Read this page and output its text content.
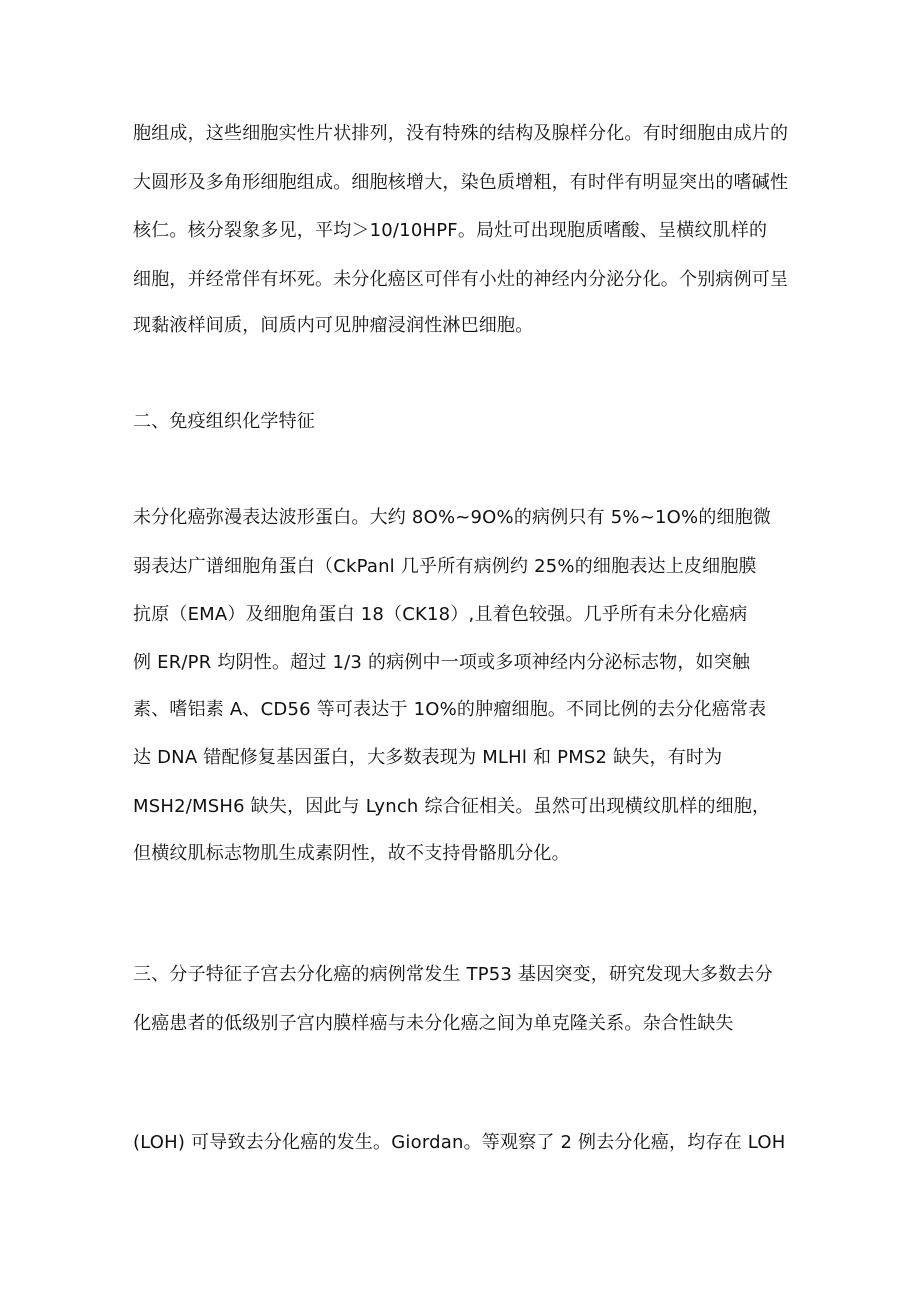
胞组成，这些细胞实性片状排列，没有特殊的结构及腺样分化。有时细胞由成片的
大圆形及多角形细胞组成。细胞核增大，染色质增粗，有时伴有明显突出的嗜碱性
核仁。核分裂象多见，平均＞10/10HPF。局灶可出现胞质嗜酸、呈横纹肌样的
细胞，并经常伴有坏死。未分化癌区可伴有小灶的神经内分泌分化。个别病例可呈
现黏液样间质，间质内可见肿瘤浸润性淋巴细胞。
二、免疫组织化学特征
未分化癌弥漫表达波形蛋白。大约 8O%~9O%的病例只有 5%~1O%的细胞微
弱表达广谱细胞角蛋白（CkPanl 几乎所有病例约 25%的细胞表达上皮细胞膜
抗原（EMA）及细胞角蛋白 18（CK18）,且着色较强。几乎所有未分化癌病
例 ER/PR 均阴性。超过 1/3 的病例中一项或多项神经内分泌标志物，如突触
素、嗜铝素 A、CD56 等可表达于 1O%的肿瘤细胞。不同比例的去分化癌常表
达 DNA 错配修复基因蛋白，大多数表现为 MLHl 和 PMS2 缺失，有时为
MSH2/MSH6 缺失，因此与 Lynch 综合征相关。虽然可出现横纹肌样的细胞，
但横纹肌标志物肌生成素阴性，故不支持骨骼肌分化。
三、分子特征子宫去分化癌的病例常发生 TP53 基因突变，研究发现大多数去分
化癌患者的低级别子宫内膜样癌与未分化癌之间为单克隆关系。杂合性缺失
(LOH) 可导致去分化癌的发生。Giordan。等观察了 2 例去分化癌，均存在 LOH
